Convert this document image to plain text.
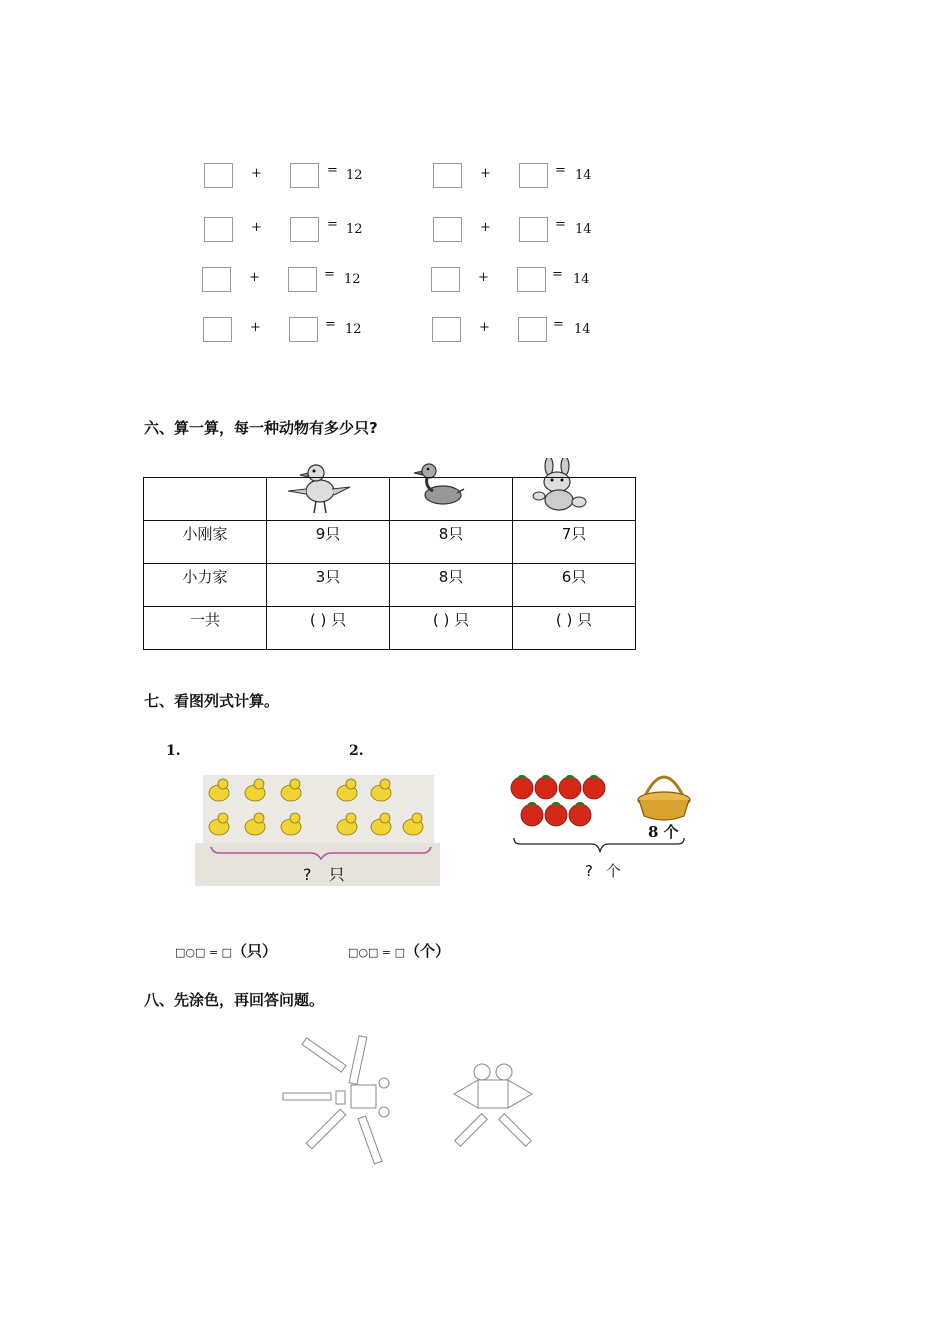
+	= 12	+	= 14
+	= 12	+	= 14
+	= 12	+	= 14
+	= 12	+	= 14
六、算一算，每一种动物有多少只?

小刚家	9只	8只	7只
小力家	3只	8只	6只
一共	( ) 只	( ) 只	( ) 只
七、看图列式计算。
1.	2.
? 只
8 个
? 个
□○□ = □（只）	□○□ = □（个）
八、先涂色，再回答问题。
